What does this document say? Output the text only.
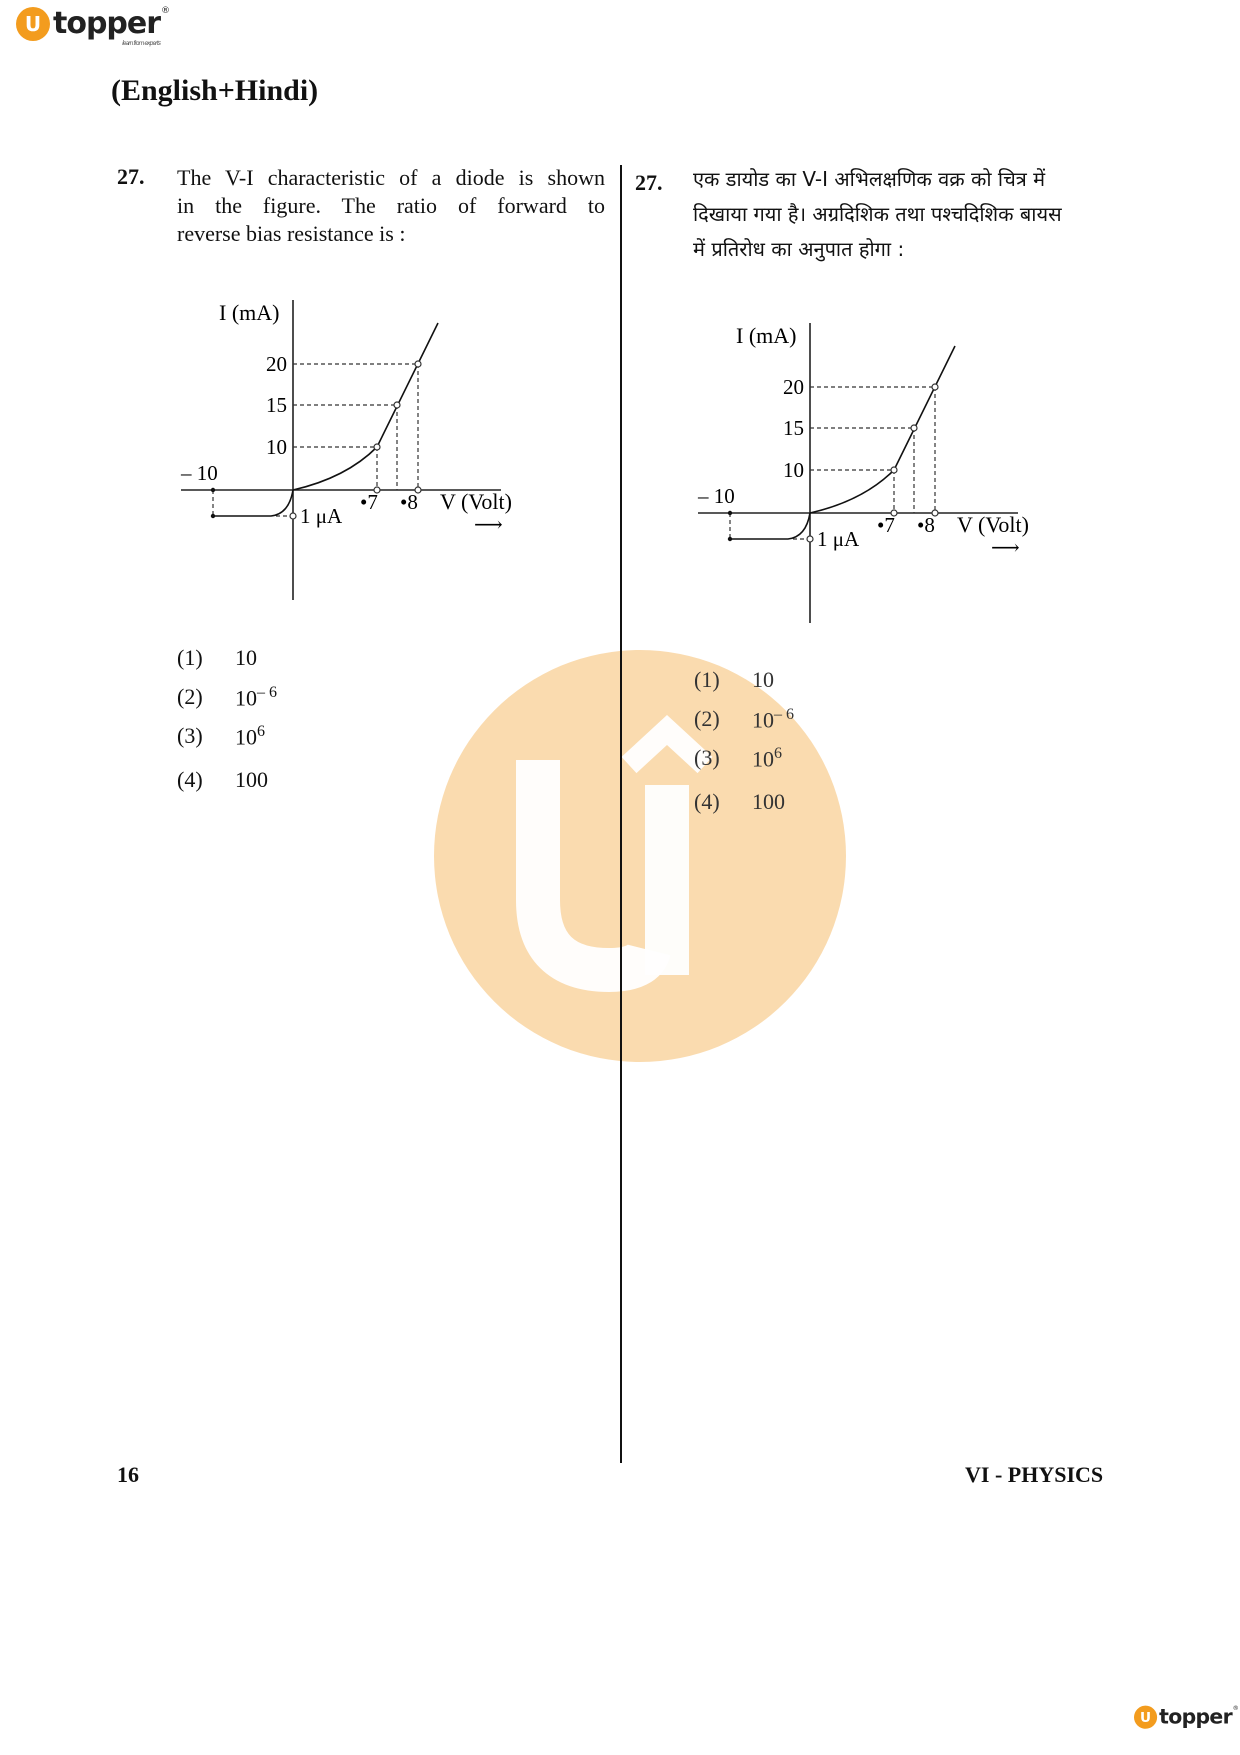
U topper ®
learn from experts
(English+Hindi)
27. The V-I characteristic of a diode is shown
in the figure. The ratio of forward to
reverse bias resistance is :
27. एक डायोड का V-I अभिलक्षणिक वक्र को चित्र में
दिखाया गया है। अग्रदिशिक तथा पश्चदिशिक बायस
में प्रतिरोध का अनुपात होगा :
I (mA)
20
15
10
– 10
•7 •8 V (Volt)
1 μA	⟶
I (mA)
20
15
10
– 10
•7 •8 V (Volt)
1 μA	⟶
(1)	10
(2)	$10^{- 6}$
(3)	$10^6$
(4)	100
(1)	10
(2)	$10^{- 6}$
(3)	$10^6$
(4)	100
16	VI - PHYSICS
U topper ®
